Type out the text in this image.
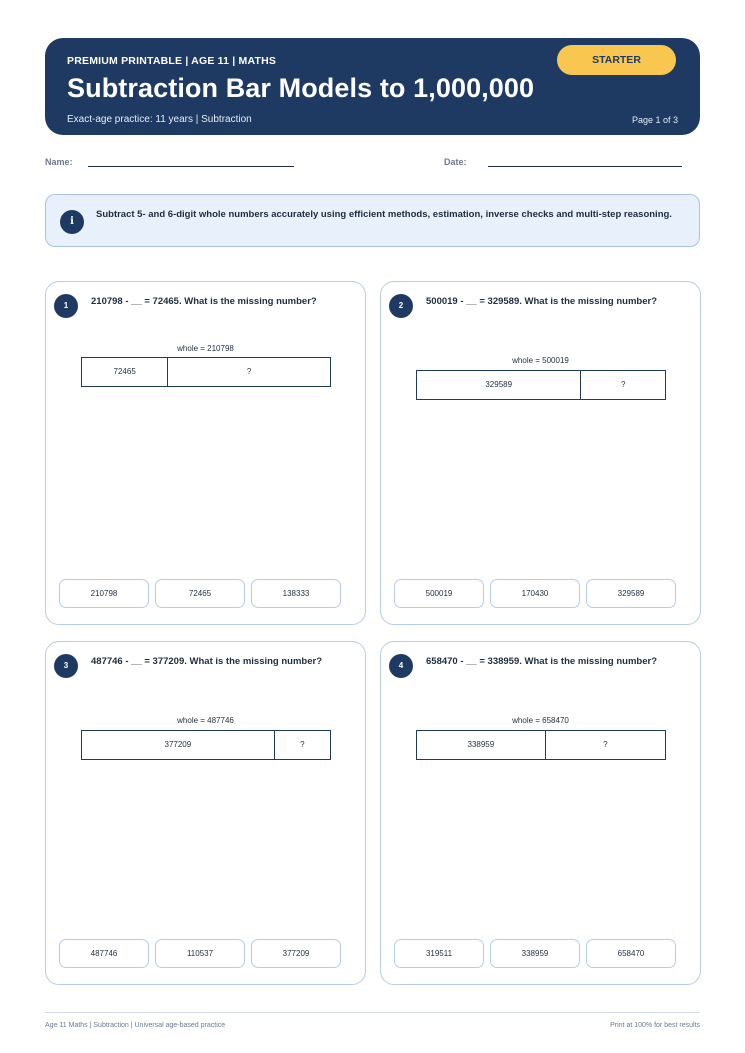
PREMIUM PRINTABLE | AGE 11 | MATHS
Subtraction Bar Models to 1,000,000
Exact-age practice: 11 years | Subtraction	Page 1 of 3
STARTER
Name:	Date:
i
Subtract 5- and 6-digit whole numbers accurately using efficient methods, estimation, inverse checks and multi-step reasoning.
1	210798 - __ = 72465. What is the missing number?
whole = 210798
72465	?
210798	72465	138333
2	500019 - __ = 329589. What is the missing number?
whole = 500019
329589	?
500019	170430	329589
3	487746 - __ = 377209. What is the missing number?
whole = 487746
377209	?
487746	110537	377209
4	658470 - __ = 338959. What is the missing number?
whole = 658470
338959	?
319511	338959	658470
Age 11 Maths | Subtraction | Universal age-based practice	Print at 100% for best results
